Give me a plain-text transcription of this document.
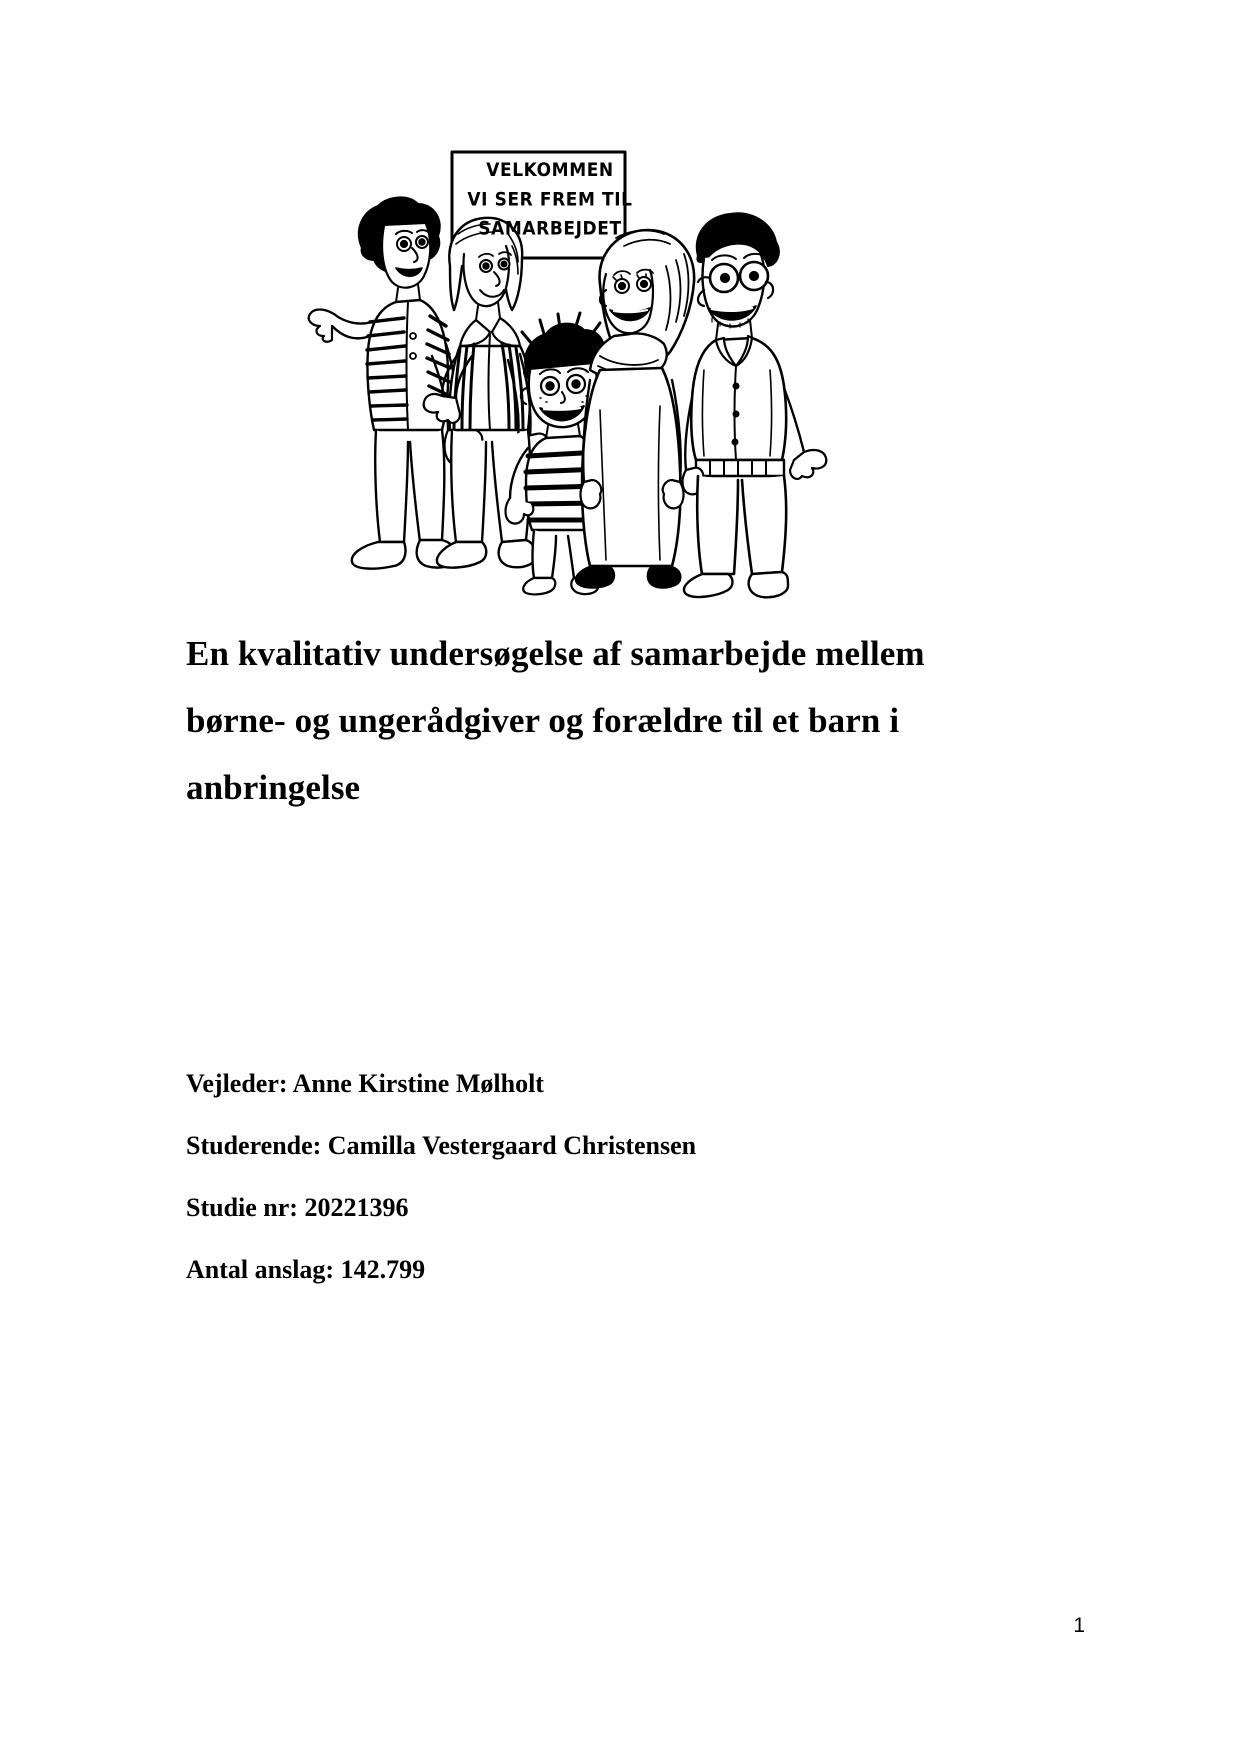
VELKOMMEN
VI SER FREM TIL
SAMARBEJDET
En kvalitativ undersøgelse af samarbejde mellem
børne- og ungerådgiver og forældre til et barn i
anbringelse
Vejleder: Anne Kirstine Mølholt
Studerende: Camilla Vestergaard Christensen
Studie nr: 20221396
Antal anslag: 142.799
1
